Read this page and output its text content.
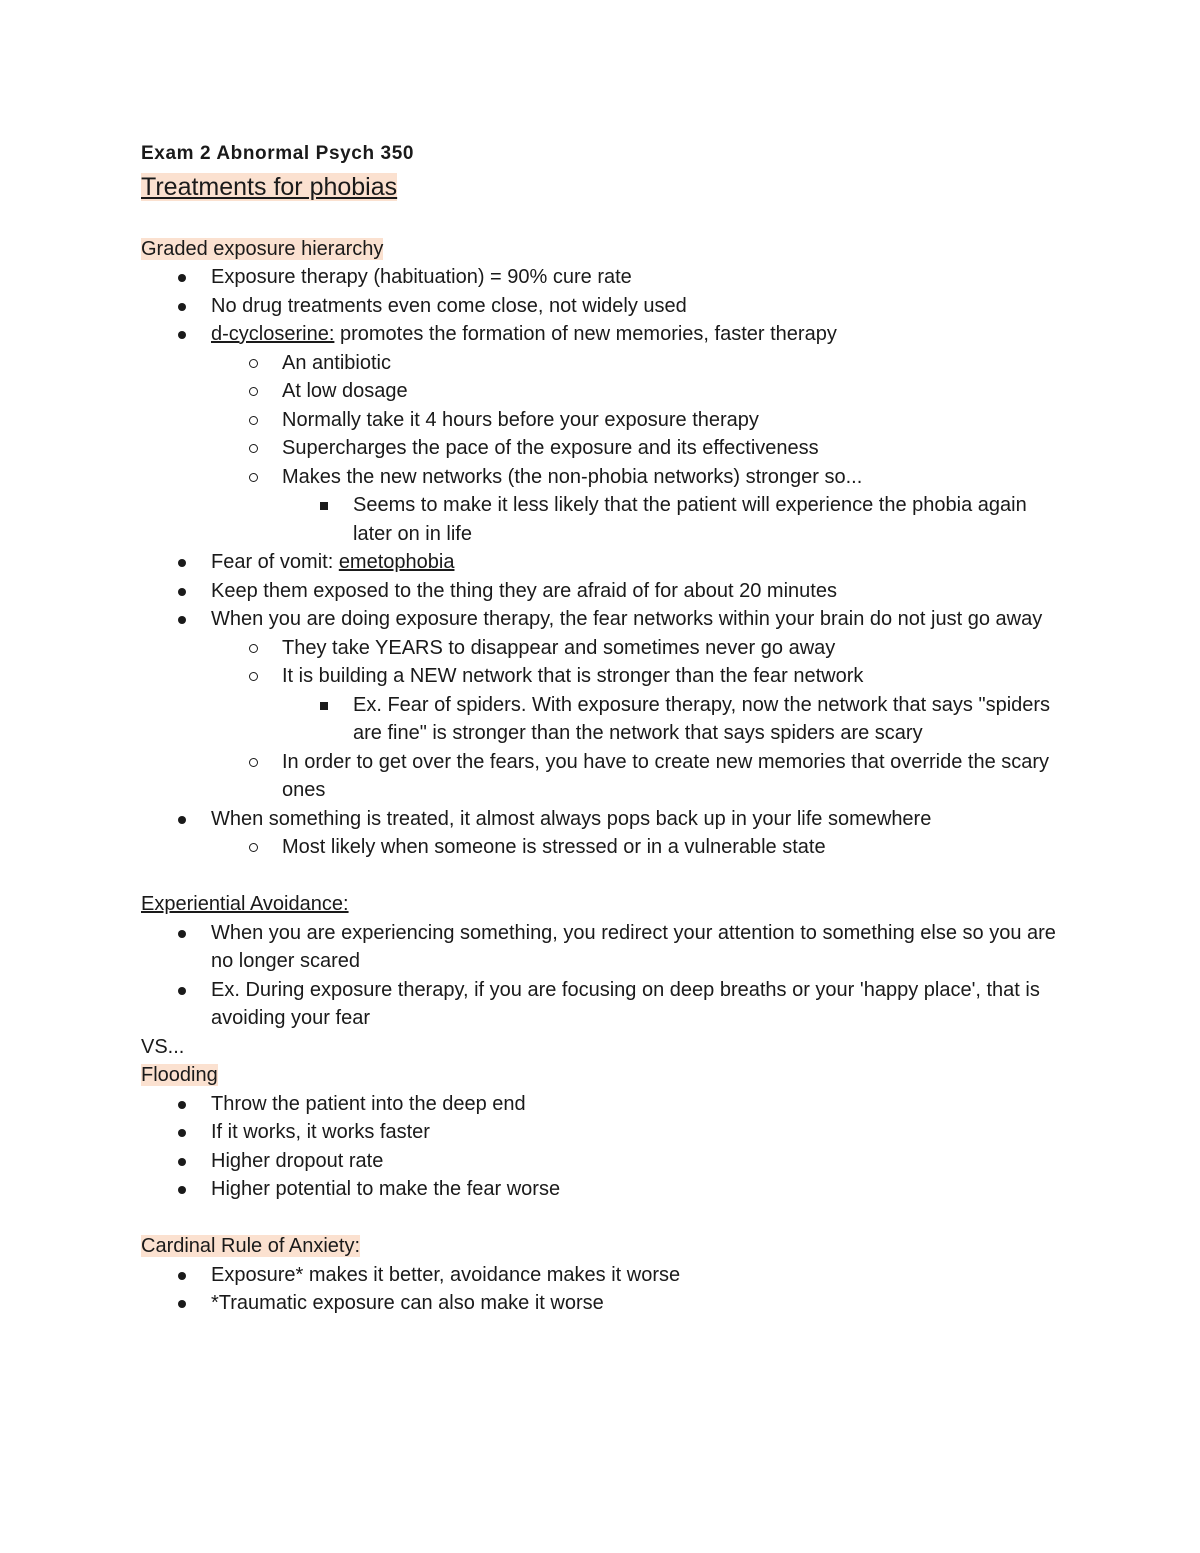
Exam 2 Abnormal Psych 350
Treatments for phobias
Graded exposure hierarchy
Exposure therapy (habituation) = 90% cure rate
No drug treatments even come close, not widely used
d-cycloserine: promotes the formation of new memories, faster therapy
An antibiotic
At low dosage
Normally take it 4 hours before your exposure therapy
Supercharges the pace of the exposure and its effectiveness
Makes the new networks (the non-phobia networks) stronger so...
Seems to make it less likely that the patient will experience the phobia again later on in life
Fear of vomit: emetophobia
Keep them exposed to the thing they are afraid of for about 20 minutes
When you are doing exposure therapy, the fear networks within your brain do not just go away
They take YEARS to disappear and sometimes never go away
It is building a NEW network that is stronger than the fear network
Ex. Fear of spiders. With exposure therapy, now the network that says "spiders are fine" is stronger than the network that says spiders are scary
In order to get over the fears, you have to create new memories that override the scary ones
When something is treated, it almost always pops back up in your life somewhere
Most likely when someone is stressed or in a vulnerable state
Experiential Avoidance:
When you are experiencing something, you redirect your attention to something else so you are no longer scared
Ex. During exposure therapy, if you are focusing on deep breaths or your 'happy place', that is avoiding your fear
VS...
Flooding
Throw the patient into the deep end
If it works, it works faster
Higher dropout rate
Higher potential to make the fear worse
Cardinal Rule of Anxiety:
Exposure* makes it better, avoidance makes it worse
*Traumatic exposure can also make it worse
